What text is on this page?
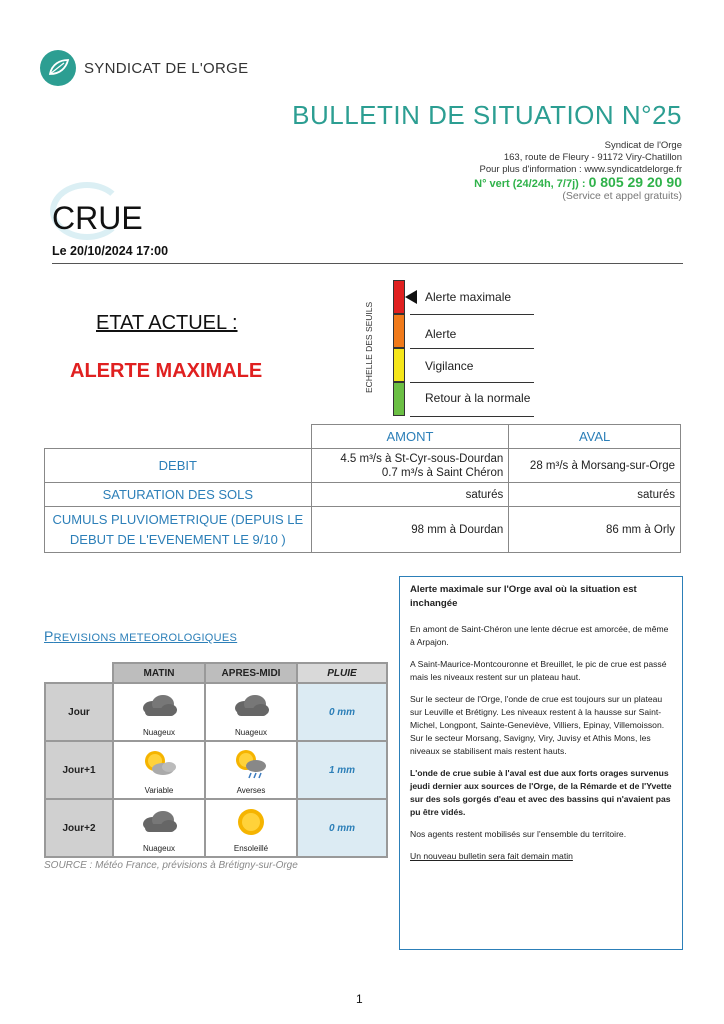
SYNDICAT DE L'ORGE
BULLETIN DE SITUATION N°25
Syndicat de l'Orge
163, route de Fleury - 91172 Viry-Chatillon
Pour plus d'information : www.syndicatdelorge.fr
N° vert (24/24h, 7/7j) : 0 805 29 20 90
(Service et appel gratuits)
CRUE
Le 20/10/2024 17:00
ETAT ACTUEL :
ALERTE MAXIMALE	ECHELLE DES SEUILS
Alerte maximale
Alerte
Vigilance
Retour à la normale
	AMONT	AVAL
DEBIT	4.5 m³/s à St-Cyr-sous-Dourdan
0.7 m³/s à Saint Chéron	28 m³/s à Morsang-sur-Orge
SATURATION DES SOLS	saturés	saturés

CUMULS PLUVIOMETRIQUE (DEPUIS LE
DEBUT DE L'EVENEMENT LE 9/10 )	98 mm à Dourdan	86 mm à Orly
PREVISIONS METEOROLOGIQUES
	MATIN	APRES-MIDI	PLUIE
Jour	Nuageux	Nuageux	0 mm
Jour+1	Variable	Averses	1 mm
Jour+2	Nuageux	Ensoleillé	0 mm
SOURCE : Météo France, prévisions à Brétigny-sur-Orge

Alerte maximale sur l'Orge aval où la situation est inchangée

En amont de Saint-Chéron une lente décrue est amorcée, de même à Arpajon.

A Saint-Maurice-Montcouronne et Breuillet, le pic de crue est passé mais les niveaux restent sur un plateau haut.

Sur le secteur de l'Orge, l'onde de crue est toujours sur un plateau sur Leuville et Brétigny. Les niveaux restent à la hausse sur Saint-Michel, Longpont, Sainte-Geneviève, Villiers, Epinay, Villemoisson. Sur le secteur Morsang, Savigny, Viry, Juvisy et Athis Mons, les niveaux se stabilisent mais restent hauts.

L'onde de crue subie à l'aval est due aux forts orages survenus jeudi dernier aux sources de l'Orge, de la Rémarde et de l'Yvette sur des sols gorgés d'eau et avec des bassins qui n'avaient pas pu être vidés.

Nos agents restent mobilisés sur l'ensemble du territoire.

Un nouveau bulletin sera fait demain matin

1
